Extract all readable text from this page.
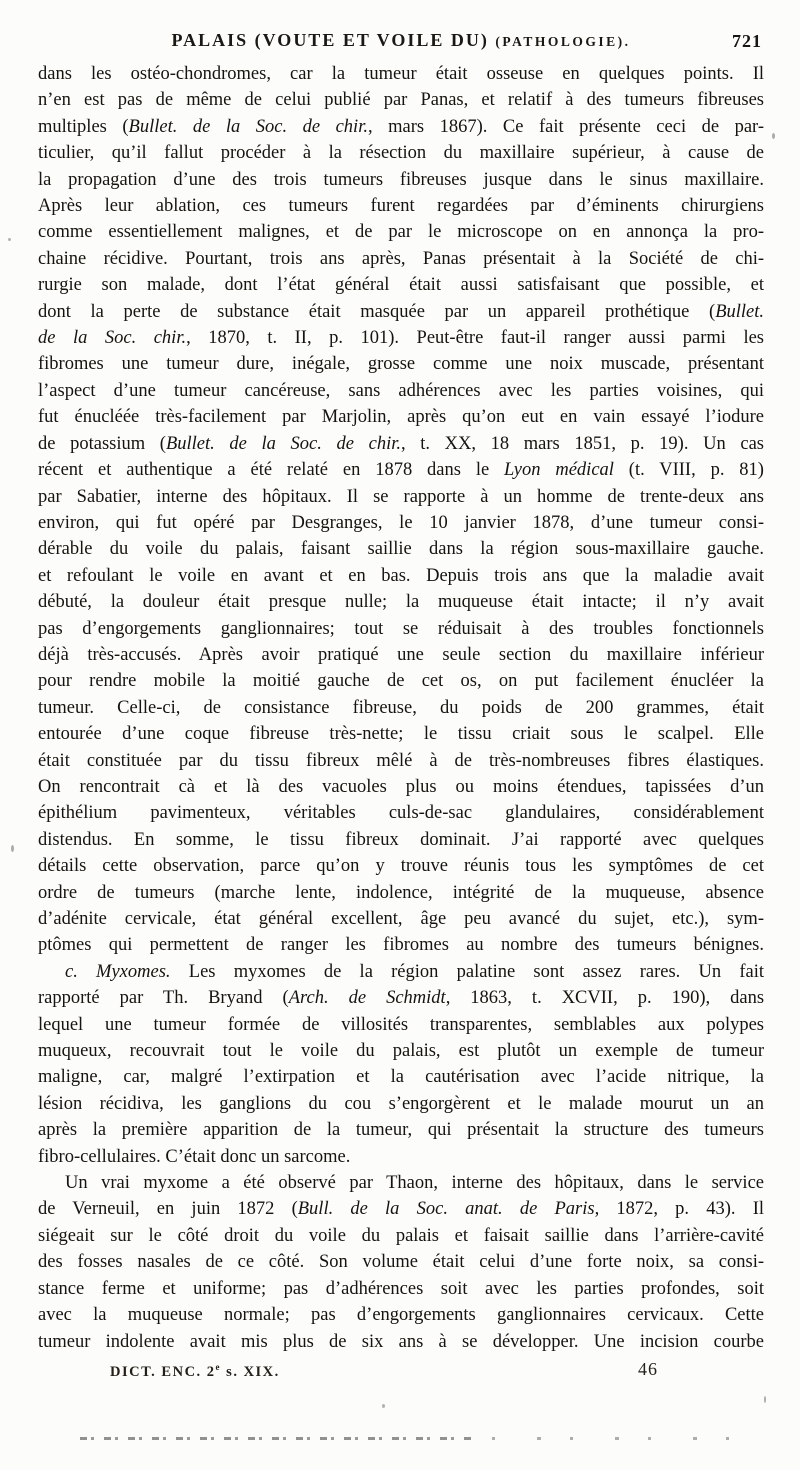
PALAIS (VOUTE ET VOILE DU) (PATHOLOGIE).	721
dans les ostéo-chondromes, car la tumeur était osseuse en quelques points. Il
n’en est pas de même de celui publié par Panas, et relatif à des tumeurs fibreuses
multiples (Bullet. de la Soc. de chir., mars 1867). Ce fait présente ceci de par-
ticulier, qu’il fallut procéder à la résection du maxillaire supérieur, à cause de
la propagation d’une des trois tumeurs fibreuses jusque dans le sinus maxillaire.
Après leur ablation, ces tumeurs furent regardées par d’éminents chirurgiens
comme essentiellement malignes, et de par le microscope on en annonça la pro-
chaine récidive. Pourtant, trois ans après, Panas présentait à la Société de chi-
rurgie son malade, dont l’état général était aussi satisfaisant que possible, et
dont la perte de substance était masquée par un appareil prothétique (Bullet.
de la Soc. chir., 1870, t. II, p. 101). Peut-être faut-il ranger aussi parmi les
fibromes une tumeur dure, inégale, grosse comme une noix muscade, présentant
l’aspect d’une tumeur cancéreuse, sans adhérences avec les parties voisines, qui
fut énucléée très-facilement par Marjolin, après qu’on eut en vain essayé l’iodure
de potassium (Bullet. de la Soc. de chir., t. XX, 18 mars 1851, p. 19). Un cas
récent et authentique a été relaté en 1878 dans le Lyon médical (t. VIII, p. 81)
par Sabatier, interne des hôpitaux. Il se rapporte à un homme de trente-deux ans
environ, qui fut opéré par Desgranges, le 10 janvier 1878, d’une tumeur consi-
dérable du voile du palais, faisant saillie dans la région sous-maxillaire gauche.
et refoulant le voile en avant et en bas. Depuis trois ans que la maladie avait
débuté, la douleur était presque nulle; la muqueuse était intacte; il n’y avait
pas d’engorgements ganglionnaires; tout se réduisait à des troubles fonctionnels
déjà très-accusés. Après avoir pratiqué une seule section du maxillaire inférieur
pour rendre mobile la moitié gauche de cet os, on put facilement énucléer la
tumeur. Celle-ci, de consistance fibreuse, du poids de 200 grammes, était
entourée d’une coque fibreuse très-nette; le tissu criait sous le scalpel. Elle
était constituée par du tissu fibreux mêlé à de très-nombreuses fibres élastiques.
On rencontrait cà et là des vacuoles plus ou moins étendues, tapissées d’un
épithélium pavimenteux, véritables culs-de-sac glandulaires, considérablement
distendus. En somme, le tissu fibreux dominait. J’ai rapporté avec quelques
détails cette observation, parce qu’on y trouve réunis tous les symptômes de cet
ordre de tumeurs (marche lente, indolence, intégrité de la muqueuse, absence
d’adénite cervicale, état général excellent, âge peu avancé du sujet, etc.), sym-
ptômes qui permettent de ranger les fibromes au nombre des tumeurs bénignes.
c. Myxomes. Les myxomes de la région palatine sont assez rares. Un fait
rapporté par Th. Bryand (Arch. de Schmidt, 1863, t. XCVII, p. 190), dans
lequel une tumeur formée de villosités transparentes, semblables aux polypes
muqueux, recouvrait tout le voile du palais, est plutôt un exemple de tumeur
maligne, car, malgré l’extirpation et la cautérisation avec l’acide nitrique, la
lésion récidiva, les ganglions du cou s’engorgèrent et le malade mourut un an
après la première apparition de la tumeur, qui présentait la structure des tumeurs
fibro-cellulaires. C’était donc un sarcome.
Un vrai myxome a été observé par Thaon, interne des hôpitaux, dans le service
de Verneuil, en juin 1872 (Bull. de la Soc. anat. de Paris, 1872, p. 43). Il
siégeait sur le côté droit du voile du palais et faisait saillie dans l’arrière-cavité
des fosses nasales de ce côté. Son volume était celui d’une forte noix, sa consi-
stance ferme et uniforme; pas d’adhérences soit avec les parties profondes, soit
avec la muqueuse normale; pas d’engorgements ganglionnaires cervicaux. Cette
tumeur indolente avait mis plus de six ans à se développer. Une incision courbe
DICT. ENC. 2e s. XIX.	46
